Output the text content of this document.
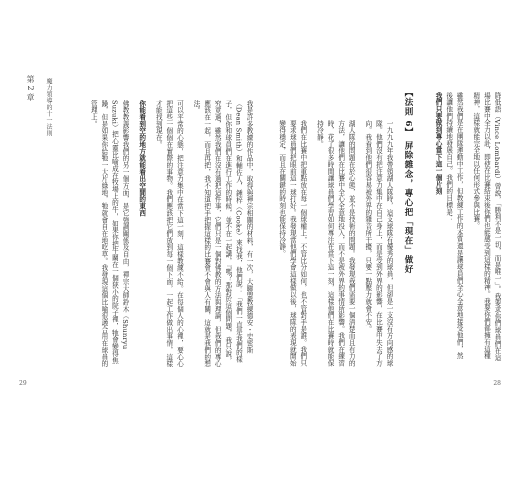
第 2 章 魔力領導的十一法則	我是許多教練的作品中，取得與禪宗相關的材料，有一次，大聯盟教練德安・史密斯（Dean Smith）和輔佐人，鍾梓（Cooke）來找我，他們說：「我們一直是我們的樣子，但你和球員們在進行工作的時候，並不在一起講，『嗎？那對於這個問題，我只說，究竟過，雖然我們在沒有過把這件事，它們只是一個對佛教的方法與理論，但我們的專心應該在一起，而且再把，我不知道把手把握這樣的比賽會不會與人有關，這就是我們的想法。

可以平常的心態，把注意力集中在當下這一刻，這樣教練不給。在每個人的心裡，要心心把這些一個個在實際的事物。我們應該把它們放到每一個下面，一起工作做出事情，這樣才能找到現在。

你能看到空的地方就能看出空間的東西

佛教教義影響我們的另一個方面，是它強調關係及自由，禪宗大師鈴木（Shunryu Suzuki）把心靈比喻成在牧場上的牛，如果你把牛關在一個狹小的院子裡，牠會變得焦躁，但是如果你給牠一大片綠地，牠就會自在地吃草。我發現這個比喻很適合用在球員的管理上。

29

降低語（Vince Lombardi）曾說，「勝利不是一切，而是唯一」。我要求你們球員們在這場比賽中全力以赴，即使在比賽結束後你們也能感受到這樣的精神。我要你們都擁有這種精神，這樣就能完全地以任何形式參與比賽。

雖然我們是在團隊運動中工作，但教練工作的本質還是讓球員們全心全意地接受他們，然後讓他們持續地發展自己。我們的目標是：

我們只要做到專心當下這一個片刻

【法則 6】 屏除雜念，專心把「現在」做好

一九九九年我帶領湖人隊時，這支球隊有優秀的球員，但卻是一支沒有方向感的球隊。他們沒有把注意力集中在自己身上，而是受到外界的影響，在比賽中失去了方向。我看到他們很容易被外界的雜音所干擾，只要一點壓力就會不安。

湖人隊的問題在於心態，並不是技術的問題。我發現我們需要一個清楚而且有力的方法，讓他們在比賽中全心全意地投入，而不是被外界的事情所影響。我們在練習時，花了很多時間讓球員們學習如何專注在當下這一刻，這樣他們在比賽時就能保持冷靜。

我們在比賽中把重點放在每一個球權上，不管比分如何，也不管對手是誰。我們只要求球員們把眼前這一球打好。我發現當他們學會這樣做以後，球隊的表現就開始變得穩定，而且在關鍵的時刻也能保持冷靜。

28
